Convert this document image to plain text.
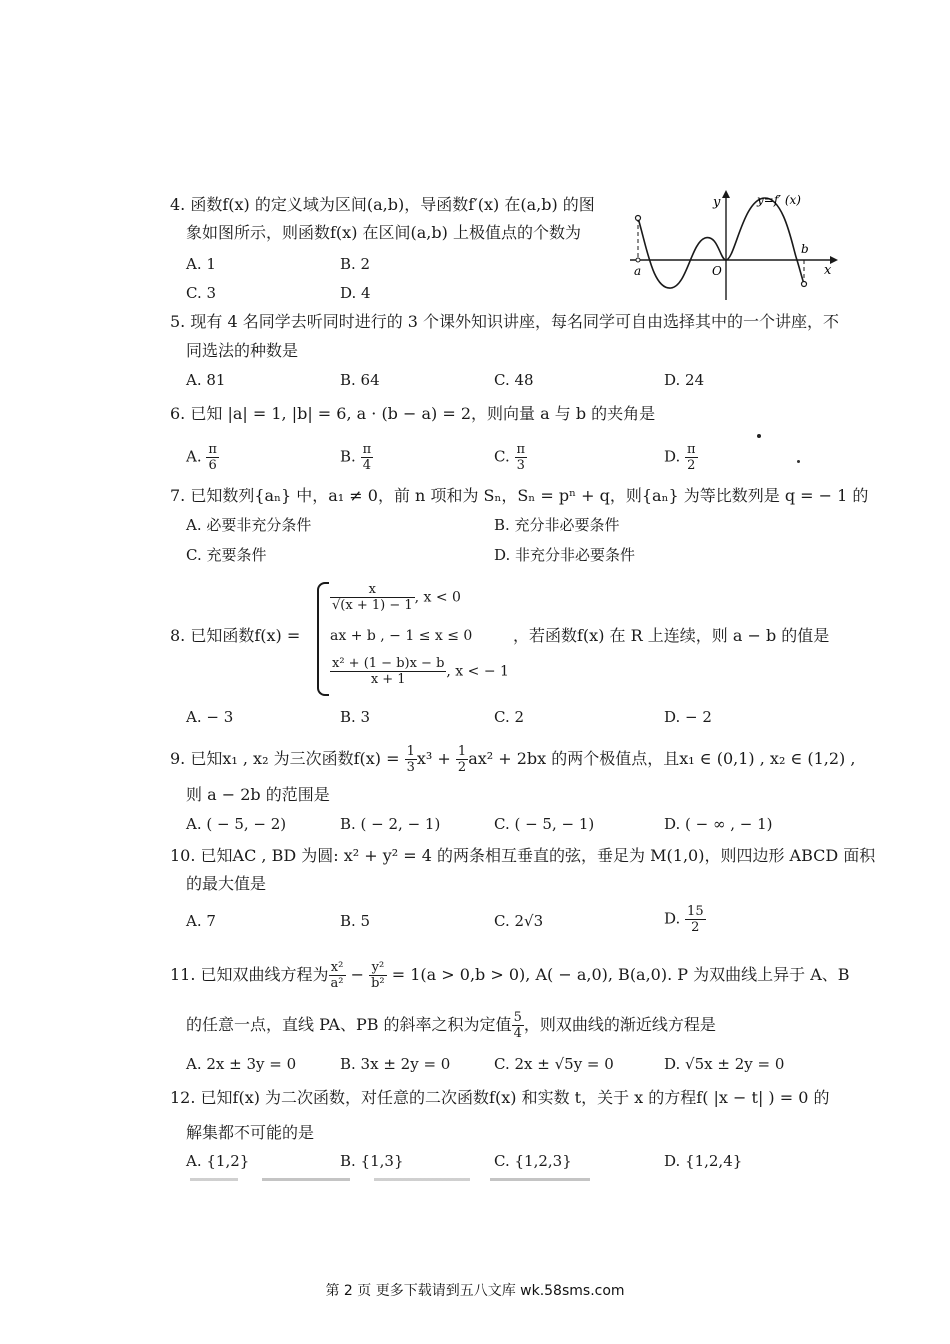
4. 函数f(x) 的定义域为区间(a,b)，导函数f′(x) 在(a,b) 的图
象如图所示，则函数f(x) 在区间(a,b) 上极值点的个数为
A. 1	B. 2
C. 3	D. 4
y
x
y=f′ (x)
a	O
b
5. 现有 4 名同学去听同时进行的 3 个课外知识讲座，每名同学可自由选择其中的一个讲座，不
同选法的种数是
A. 81	B. 64	C. 48	D. 24
6. 已知 |a| = 1, |b| = 6, a · (b − a) = 2，则向量 a 与 b 的夹角是
A. $\frac{\pi}{6}$	B. $\frac{\pi}{4}$	C. $\frac{\pi}{3}$	D. $\frac{\pi}{2}$
7. 已知数列{aₙ} 中，a₁ ≠ 0，前 n 项和为 Sₙ，Sₙ = pⁿ + q，则{aₙ} 为等比数列是 q = − 1 的
A. 必要非充分条件	B. 充分非必要条件
C. 充要条件	D. 非充分非必要条件
8. 已知函数f(x) =
$\frac{x}{√(x + 1) - 1}$ , x < 0
ax + b , − 1 ≤ x ≤ 0
$\frac{\text{x² + (1 − b)x − b}}{x + 1}$ , x < − 1
，若函数f(x) 在 R 上连续，则 a − b 的值是
A. − 3	B. 3	C. 2	D. − 2
9. 已知x₁ , x₂ 为三次函数$f(x) = \frac{1}{3} x^3 + \frac{1}{2} ax^2 + 2bx$ 的两个极值点，且x₁ ∈ (0,1) , x₂ ∈ (1,2) ,
则 a − 2b 的范围是
A. ( − 5, − 2)	B. ( − 2, − 1)	C. ( − 5, − 1)	D. ( − ∞ , − 1)
10. 已知AC , BD 为圆: x² + y² = 4 的两条相互垂直的弦，垂足为 M(1,0)，则四边形 ABCD 面积
的最大值是
A. 7	B. 5	C. 2√3	D. $\frac{15}{2}$
11. 已知双曲线方程为 $\frac{\text{x²}}{\text{a²}} - \frac{\text{y²}}{\text{b²}} = 1(a > 0,b > 0)$, A( − a,0), B(a,0). P 为双曲线上异于 A、B
的任意一点，直线 PA、PB 的斜率之积为定值 $\frac{5}{4}$ ，则双曲线的渐近线方程是
A. 2x ± 3y = 0	B. 3x ± 2y = 0	C. 2x ± √5y = 0	D. √5x ± 2y = 0
12. 已知f(x) 为二次函数，对任意的二次函数f(x) 和实数 t，关于 x 的方程f( |x − t| ) = 0 的
解集都不可能的是
A. {1,2}	B. {1,3}	C. {1,2,3}	D. {1,2,4}
第 2 页 更多下载请到五八文库 wk.58sms.com
